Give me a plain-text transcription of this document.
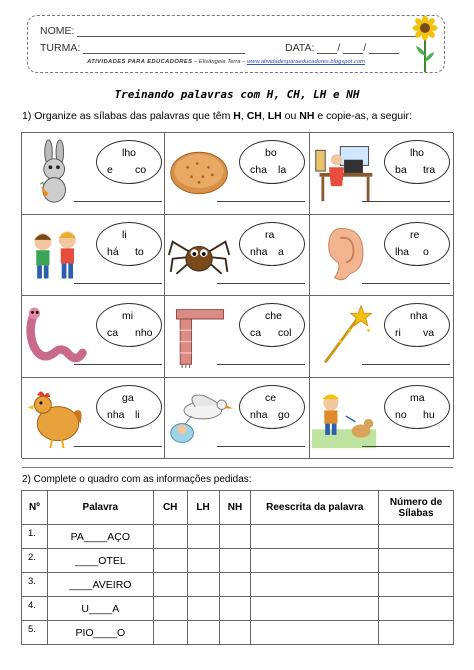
NOME:
TURMA:	DATA: / /
ATIVIDADES PARA EDUCADORES – Elisângela Terra – www.atividadesparaeducadores.blogspot.com
Treinando palavras com H, CH, LH e NH
1) Organize as sílabas das palavras que têm H, CH, LH ou NH e copie-as, a seguir:
lho
e co
bo
cha la
lho
ba tra
li
há to
ra
nha a
re
lha o
mi
ca nho
che
ca col
nha
ri va
ga
nha li
ce
nha go
ma
no hu
2) Complete o quadro com as informações pedidas:
Nº	Palavra	CH	LH	NH	Reescrita da palavra	Número de Sílabas
1.	PA____AÇO					
2.	____OTEL					
3.	____AVEIRO					
4.	U____A					
5.	PIO____O					
